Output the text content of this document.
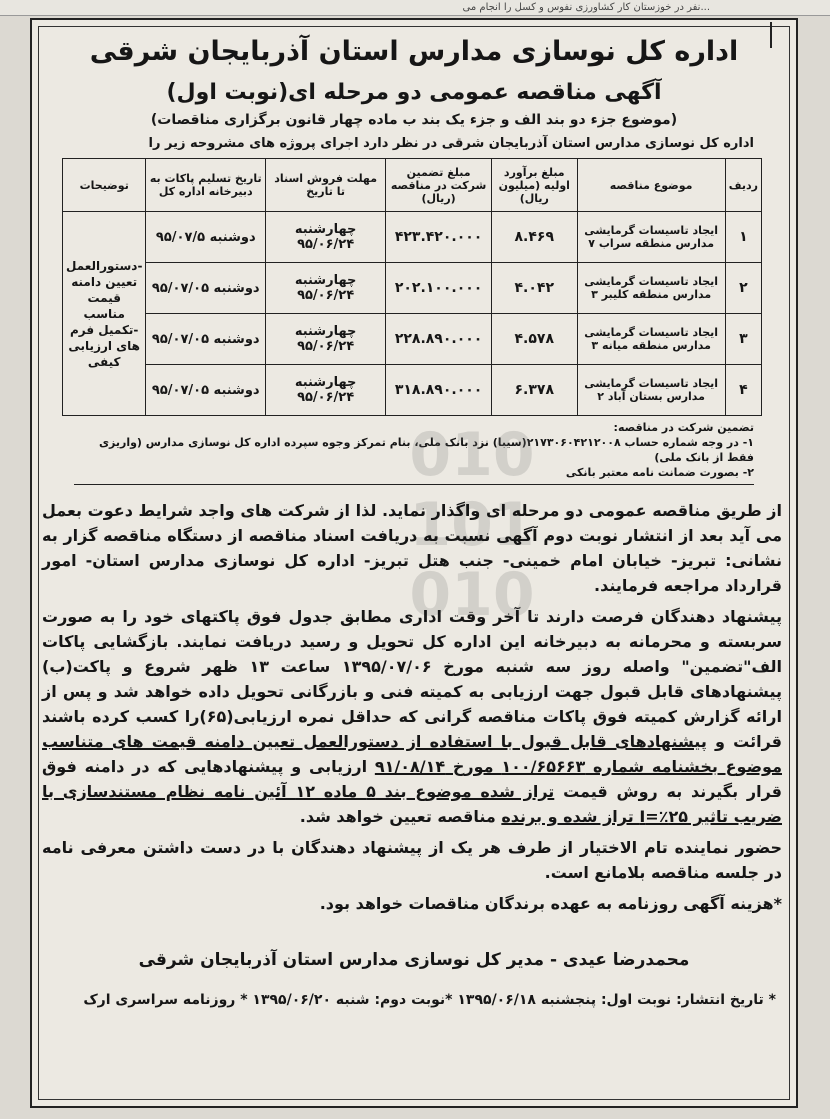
...نفر در خوزستان کار کشاورزی نفوس و کسل را انجام می
اداره کل نوسازی مدارس استان آذربایجان شرقی
آگهی مناقصه عمومی دو مرحله ای(نوبت اول)
(موضوع جزء دو بند الف و جزء یک بند ب ماده چهار قانون برگزاری مناقصات)
اداره کل نوسازی مدارس استان آذربایجان شرقی در نظر دارد اجرای پروژه های مشروحه زیر را
ردیف	موضوع مناقصه	مبلغ برآورد اولیه (میلیون ریال)	مبلغ تضمین شرکت در مناقصه (ریال)	مهلت فروش اسناد تا تاریخ	تاریخ تسلیم پاکات به دبیرخانه اداره کل	توضیحات
۱	ایجاد تاسیسات گرمایشی مدارس منطقه سراب ۷	۸.۴۶۹	۴۲۳.۴۲۰.۰۰۰	چهارشنبه ۹۵/۰۶/۲۴	دوشنبه ۹۵/۰۷/۵	-دستورالعمل تعیین دامنه قیمت مناسب -تکمیل فرم های ارزیابی کیفی
۲	ایجاد تاسیسات گرمایشی مدارس منطقه کلیبر ۳	۴.۰۴۲	۲۰۲.۱۰۰.۰۰۰	چهارشنبه ۹۵/۰۶/۲۴	دوشنبه ۹۵/۰۷/۰۵	
۳	ایجاد تاسیسات گرمایشی مدارس منطقه میانه ۳	۴.۵۷۸	۲۲۸.۸۹۰.۰۰۰	چهارشنبه ۹۵/۰۶/۲۴	دوشنبه ۹۵/۰۷/۰۵	
۴	ایجاد تاسیسات گرمایشی مدارس بستان آباد ۲	۶.۳۷۸	۳۱۸.۸۹۰.۰۰۰	چهارشنبه ۹۵/۰۶/۲۴	دوشنبه ۹۵/۰۷/۰۵	
تضمین شرکت در مناقصه:
۱- در وجه شماره حساب ۲۱۷۳۰۶۰۴۲۱۲۰۰۸(سیبا) نزد بانک ملی، بنام تمرکز وجوه سپرده اداره کل نوسازی مدارس (واریزی فقط از بانک ملی)
۲- بصورت ضمانت نامه معتبر بانکی
010
101
010

از طریق مناقصه عمومی دو مرحله ای واگذار نماید. لذا از شرکت های واجد شرایط دعوت بعمل می آید بعد از انتشار نوبت دوم آگهی نسبت به دریافت اسناد مناقصه از دستگاه مناقصه گزار به نشانی: تبریز- خیابان امام خمینی- جنب هتل تبریز- اداره کل نوسازی مدارس استان- امور قرارداد مراجعه فرمایند.

پیشنهاد دهندگان فرصت دارند تا آخر وقت اداری مطابق جدول فوق پاکتهای خود را به صورت سربسته و محرمانه به دبیرخانه این اداره کل تحویل و رسید دریافت نمایند. بازگشایی پاکات الف"تضمین" واصله روز سه شنبه مورخ ۱۳۹۵/۰۷/۰۶ ساعت ۱۳ ظهر شروع و پاکت(ب) پیشنهادهای قابل قبول جهت ارزیابی به کمیته فنی و بازرگانی تحویل داده خواهد شد و پس از ارائه گزارش کمیته فوق پاکات مناقصه گرانی که حداقل نمره ارزیابی(۶۵)را کسب کرده باشند قرائت و پیشنهادهای قابل قبول با استفاده از دستورالعمل تعیین دامنه قیمت های متناسب موضوع بخشنامه شماره ۱۰۰/۶۵۶۶۳ مورخ ۹۱/۰۸/۱۴ ارزیابی و پیشنهادهایی که در دامنه فوق قرار بگیرند به روش قیمت تراز شده موضوع بند ۵ ماده ۱۲ آئین نامه نظام مستندسازی با ضریب تاثیر ۲۵٪=I تراز شده و برنده مناقصه تعیین خواهد شد.

حضور نماینده تام الاختیار از طرف هر یک از پیشنهاد دهندگان با در دست داشتن معرفی نامه در جلسه مناقصه بلامانع است.

*هزینه آگهی روزنامه به عهده برندگان مناقصات خواهد بود.

محمدرضا عیدی - مدیر کل نوسازی مدارس استان آذربایجان شرقی
* تاریخ انتشار: نوبت اول: پنجشنبه ۱۳۹۵/۰۶/۱۸ *نوبت دوم: شنبه ۱۳۹۵/۰۶/۲۰ * روزنامه سراسری ارک
